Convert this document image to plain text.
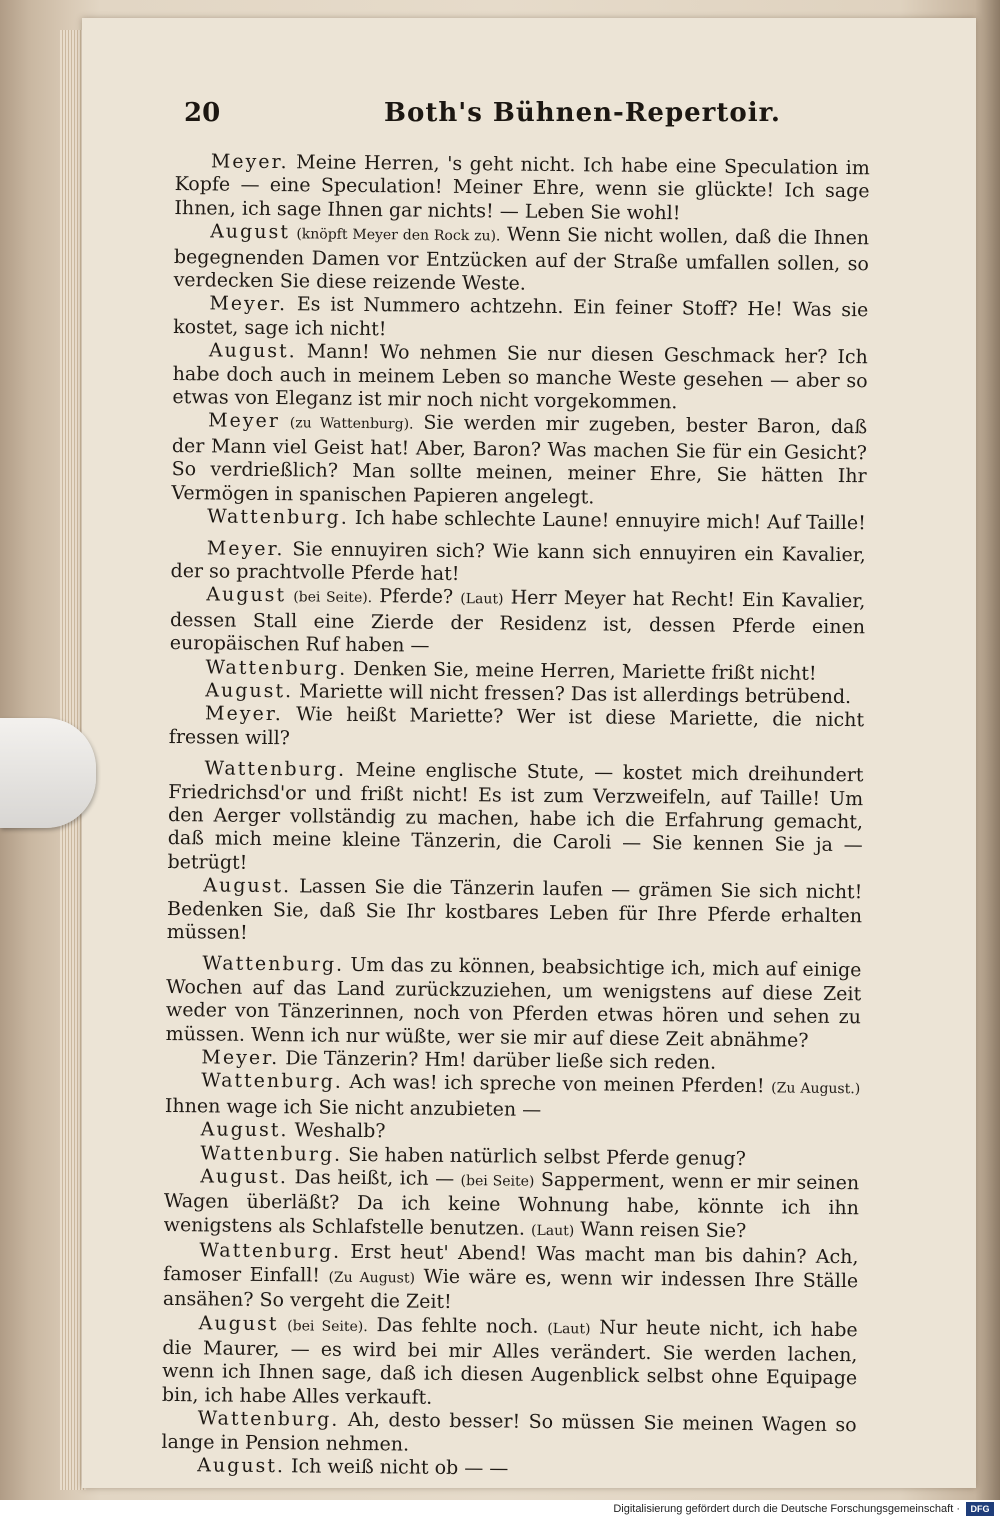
20	Both's Bühnen-Repertoir.

Meyer. Meine Herren, 's geht nicht. Ich habe eine Speculation im Kopfe — eine Speculation! Meiner Ehre, wenn sie glückte! Ich sage Ihnen, ich sage Ihnen gar nichts! — Leben Sie wohl!

August (knöpft Meyer den Rock zu). Wenn Sie nicht wollen, daß die Ihnen begegnenden Damen vor Entzücken auf der Straße umfallen sollen, so verdecken Sie diese reizende Weste.

Meyer. Es ist Nummero achtzehn. Ein feiner Stoff? He! Was sie kostet, sage ich nicht!

August. Mann! Wo nehmen Sie nur diesen Geschmack her? Ich habe doch auch in meinem Leben so manche Weste gesehen — aber so etwas von Eleganz ist mir noch nicht vorgekommen.

Meyer (zu Wattenburg). Sie werden mir zugeben, bester Baron, daß der Mann viel Geist hat! Aber, Baron? Was machen Sie für ein Gesicht? So verdrießlich? Man sollte meinen, meiner Ehre, Sie hätten Ihr Vermögen in spanischen Papieren angelegt.

Wattenburg. Ich habe schlechte Laune! ennuyire mich! Auf Taille!

Meyer. Sie ennuyiren sich? Wie kann sich ennuyiren ein Kavalier, der so prachtvolle Pferde hat!

August (bei Seite). Pferde? (Laut) Herr Meyer hat Recht! Ein Kavalier, dessen Stall eine Zierde der Residenz ist, dessen Pferde einen europäischen Ruf haben —

Wattenburg. Denken Sie, meine Herren, Mariette frißt nicht!

August. Mariette will nicht fressen? Das ist allerdings betrübend.

Meyer. Wie heißt Mariette? Wer ist diese Mariette, die nicht fressen will?

Wattenburg. Meine englische Stute, — kostet mich dreihundert Friedrichsd'or und frißt nicht! Es ist zum Verzweifeln, auf Taille! Um den Aerger vollständig zu machen, habe ich die Erfahrung gemacht, daß mich meine kleine Tänzerin, die Caroli — Sie kennen Sie ja — betrügt!

August. Lassen Sie die Tänzerin laufen — grämen Sie sich nicht! Bedenken Sie, daß Sie Ihr kostbares Leben für Ihre Pferde erhalten müssen!

Wattenburg. Um das zu können, beabsichtige ich, mich auf einige Wochen auf das Land zurückzuziehen, um wenigstens auf diese Zeit weder von Tänzerinnen, noch von Pferden etwas hören und sehen zu müssen. Wenn ich nur wüßte, wer sie mir auf diese Zeit abnähme?

Meyer. Die Tänzerin? Hm! darüber ließe sich reden.

Wattenburg. Ach was! ich spreche von meinen Pferden! (Zu August.) Ihnen wage ich Sie nicht anzubieten —

August. Weshalb?

Wattenburg. Sie haben natürlich selbst Pferde genug?

August. Das heißt, ich — (bei Seite) Sapperment, wenn er mir seinen Wagen überläßt? Da ich keine Wohnung habe, könnte ich ihn wenigstens als Schlafstelle benutzen. (Laut) Wann reisen Sie?

Wattenburg. Erst heut' Abend! Was macht man bis dahin? Ach, famoser Einfall! (Zu August) Wie wäre es, wenn wir indessen Ihre Ställe ansähen? So vergeht die Zeit!

August (bei Seite). Das fehlte noch. (Laut) Nur heute nicht, ich habe die Maurer, — es wird bei mir Alles verändert. Sie werden lachen, wenn ich Ihnen sage, daß ich diesen Augenblick selbst ohne Equipage bin, ich habe Alles verkauft.

Wattenburg. Ah, desto besser! So müssen Sie meinen Wagen so lange in Pension nehmen.

August. Ich weiß nicht ob — —

Digitalisierung gefördert durch die Deutsche Forschungsgemeinschaft ·	DFG
